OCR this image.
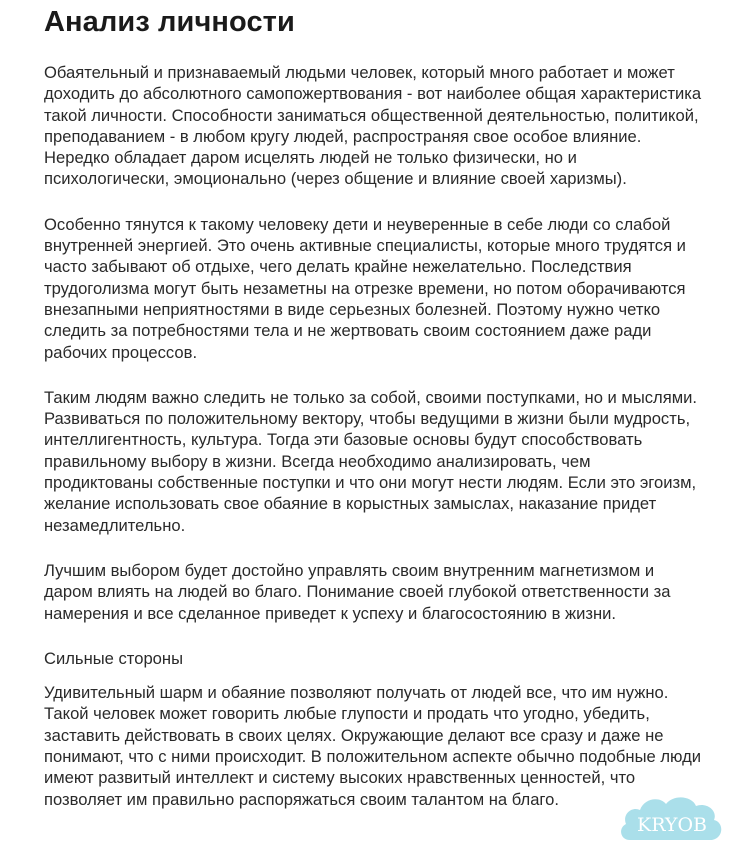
Анализ личности

Обаятельный и признаваемый людьми человек, который много работает и может доходить до абсолютного самопожертвования - вот наиболее общая характеристика такой личности. Способности заниматься общественной деятельностью, политикой, преподаванием - в любом кругу людей, распространяя свое особое влияние. Нередко обладает даром исцелять людей не только физически, но и психологически, эмоционально (через общение и влияние своей харизмы).

Особенно тянутся к такому человеку дети и неуверенные в себе люди со слабой внутренней энергией. Это очень активные специалисты, которые много трудятся и часто забывают об отдыхе, чего делать крайне нежелательно. Последствия трудоголизма могут быть незаметны на отрезке времени, но потом оборачиваются внезапными неприятностями в виде серьезных болезней. Поэтому нужно четко следить за потребностями тела и не жертвовать своим состоянием даже ради рабочих процессов.

Таким людям важно следить не только за собой, своими поступками, но и мыслями. Развиваться по положительному вектору, чтобы ведущими в жизни были мудрость, интеллигентность, культура. Тогда эти базовые основы будут способствовать правильному выбору в жизни. Всегда необходимо анализировать, чем продиктованы собственные поступки и что они могут нести людям. Если это эгоизм, желание использовать свое обаяние в корыстных замыслах, наказание придет незамедлительно.

Лучшим выбором будет достойно управлять своим внутренним магнетизмом и даром влиять на людей во благо. Понимание своей глубокой ответственности за намерения и все сделанное приведет к успеху и благосостоянию в жизни.

Сильные стороны

Удивительный шарм и обаяние позволяют получать от людей все, что им нужно. Такой человек может говорить любые глупости и продать что угодно, убедить, заставить действовать в своих целях. Окружающие делают все сразу и даже не понимают, что с ними происходит. В положительном аспекте обычно подобные люди имеют развитый интеллект и систему высоких нравственных ценностей, что позволяет им правильно распоряжаться своим талантом на благо.

KRYOB
